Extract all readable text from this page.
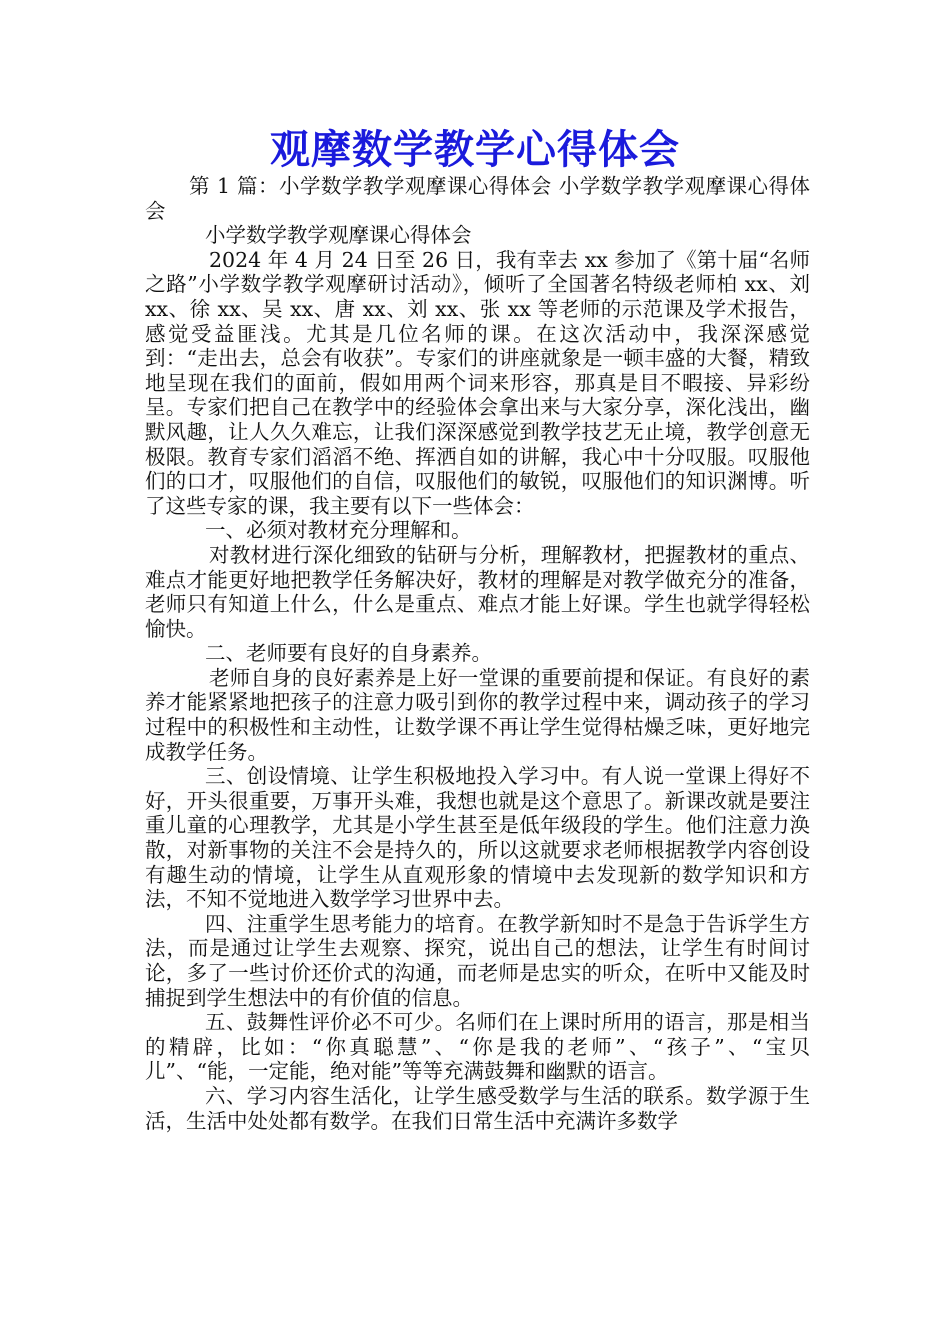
观摩数学教学心得体会

第 1 篇：小学数学教学观摩课心得体会 小学数学教学观摩课心得体会

小学数学教学观摩课心得体会

2024 年 4 月 24 日至 26 日，我有幸去 xx 参加了《第十届“名师之路”小学数学教学观摩研讨活动》，倾听了全国著名特级老师柏 xx、刘 xx、徐 xx、吴 xx、唐 xx、刘 xx、张 xx 等老师的示范课及学术报告，感觉受益匪浅。尤其是几位名师的课。在这次活动中，我深深感觉到：“走出去，总会有收获”。专家们的讲座就象是一顿丰盛的大餐，精致地呈现在我们的面前，假如用两个词来形容，那真是目不暇接、异彩纷呈。专家们把自己在教学中的经验体会拿出来与大家分享，深化浅出，幽默风趣，让人久久难忘，让我们深深感觉到教学技艺无止境，教学创意无极限。教育专家们滔滔不绝、挥洒自如的讲解，我心中十分叹服。叹服他们的口才，叹服他们的自信，叹服他们的敏锐，叹服他们的知识渊博。听了这些专家的课，我主要有以下一些体会：

一、必须对教材充分理解和。

对教材进行深化细致的钻研与分析，理解教材，把握教材的重点、难点才能更好地把教学任务解决好，教材的理解是对教学做充分的准备，老师只有知道上什么，什么是重点、难点才能上好课。学生也就学得轻松愉快。

二、老师要有良好的自身素养。

老师自身的良好素养是上好一堂课的重要前提和保证。有良好的素养才能紧紧地把孩子的注意力吸引到你的教学过程中来，调动孩子的学习过程中的积极性和主动性，让数学课不再让学生觉得枯燥乏味，更好地完成教学任务。

三、创设情境、让学生积极地投入学习中。有人说一堂课上得好不好，开头很重要，万事开头难，我想也就是这个意思了。新课改就是要注重儿童的心理教学，尤其是小学生甚至是低年级段的学生。他们注意力涣散，对新事物的关注不会是持久的，所以这就要求老师根据教学内容创设有趣生动的情境，让学生从直观形象的情境中去发现新的数学知识和方法，不知不觉地进入数学学习世界中去。

四、注重学生思考能力的培育。在教学新知时不是急于告诉学生方法，而是通过让学生去观察、探究，说出自己的想法，让学生有时间讨论，多了一些讨价还价式的沟通，而老师是忠实的听众，在听中又能及时捕捉到学生想法中的有价值的信息。

五、鼓舞性评价必不可少。名师们在上课时所用的语言，那是相当的精辟，比如：“你真聪慧”、“你是我的老师”、“孩子”、“宝贝儿”、“能，一定能，绝对能”等等充满鼓舞和幽默的语言。

六、学习内容生活化，让学生感受数学与生活的联系。数学源于生活，生活中处处都有数学。在我们日常生活中充满许多数学
